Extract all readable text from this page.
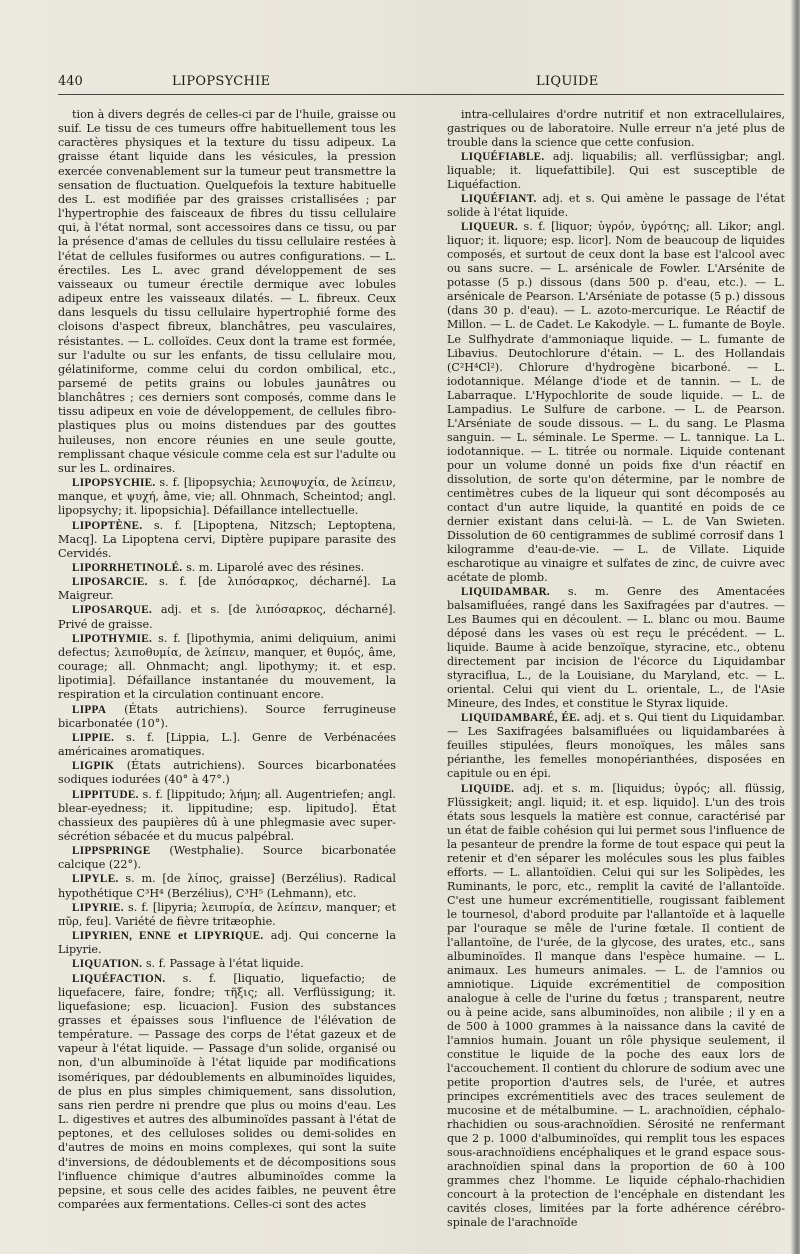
440	LIPOPSYCHIE	LIQUIDE

tion à divers degrés de celles-ci par de l'huile, graisse ou suif. Le tissu de ces tumeurs offre habituellement tous les caractères physiques et la texture du tissu adipeux. La graisse étant liquide dans les vésicules, la pression exercée convenablement sur la tumeur peut transmettre la sensation de fluctuation. Quelquefois la texture habituelle des L. est modifiée par des graisses cristallisées ; par l'hypertrophie des faisceaux de fibres du tissu cellulaire qui, à l'état normal, sont accessoires dans ce tissu, ou par la présence d'amas de cellules du tissu cellulaire restées à l'état de cellules fusiformes ou autres configurations. — L. érectiles. Les L. avec grand développement de ses vaisseaux ou tumeur érectile dermique avec lobules adipeux entre les vaisseaux dilatés. — L. fibreux. Ceux dans lesquels du tissu cellulaire hypertrophié forme des cloisons d'aspect fibreux, blanchâtres, peu vasculaires, résistantes. — L. colloïdes. Ceux dont la trame est formée, sur l'adulte ou sur les enfants, de tissu cellulaire mou, gélatiniforme, comme celui du cordon ombilical, etc., parsemé de petits grains ou lobules jaunâtres ou blanchâtres ; ces derniers sont composés, comme dans le tissu adipeux en voie de développement, de cellules fibro-plastiques plus ou moins distendues par des gouttes huileuses, non encore réunies en une seule goutte, remplissant chaque vésicule comme cela est sur l'adulte ou sur les L. ordinaires.

LIPOPSYCHIE. s. f. [lipopsychia; λειποψυχία, de λείπειν, manque, et ψυχή, âme, vie; all. Ohnmach, Scheintod; angl. lipopsychy; it. lipopsichia]. Défaillance intellectuelle.

LIPOPTÈNE. s. f. [Lipoptena, Nitzsch; Leptoptena, Macq]. La Lipoptena cervi, Diptère pupipare parasite des Cervidés.

LIPORRHETINOLÉ. s. m. Liparolé avec des résines.

LIPOSARCIE. s. f. [de λιπόσαρκος, décharné]. La Maigreur.

LIPOSARQUE. adj. et s. [de λιπόσαρκος, décharné]. Privé de graisse.

LIPOTHYMIE. s. f. [lipothymia, animi deliquium, animi defectus; λειποθυμία, de λείπειν, manquer, et θυμός, âme, courage; all. Ohnmacht; angl. lipothymy; it. et esp. lipotimia]. Défaillance instantanée du mouvement, la respiration et la circulation continuant encore.

LIPPA (États autrichiens). Source ferrugineuse bicarbonatée (10°).

LIPPIE. s. f. [Lippia, L.]. Genre de Verbénacées américaines aromatiques.

LIGPIK (États autrichiens). Sources bicarbonatées sodiques iodurées (40° à 47°.)

LIPPITUDE. s. f. [lippitudo; λήμη; all. Augentriefen; angl. blear-eyedness; it. lippitudine; esp. lipitudo]. État chassieux des paupières dû à une phlegmasie avec super-sécrétion sébacée et du mucus palpébral.

LIPPSPRINGE (Westphalie). Source bicarbonatée calcique (22°).

LIPYLE. s. m. [de λίπος, graisse] (Berzélius). Radical hypothétique C³H⁴ (Berzélius), C³H⁵ (Lehmann), etc.

LIPYRIE. s. f. [lipyria; λειπυρία, de λείπειν, manquer; et πῦρ, feu]. Variété de fièvre tritæophie.

LIPYRIEN, ENNE et LIPYRIQUE. adj. Qui concerne la Lipyrie.

LIQUATION. s. f. Passage à l'état liquide.

LIQUÉFACTION. s. f. [liquatio, liquefactio; de liquefacere, faire, fondre; τῆξις; all. Verflüssigung; it. liquefasione; esp. licuacion]. Fusion des substances grasses et épaisses sous l'influence de l'élévation de température. — Passage des corps de l'état gazeux et de vapeur à l'état liquide. — Passage d'un solide, organisé ou non, d'un albuminoïde à l'état liquide par modifications isomériques, par dédoublements en albuminoïdes liquides, de plus en plus simples chimiquement, sans dissolution, sans rien perdre ni prendre que plus ou moins d'eau. Les L. digestives et autres des albuminoïdes passant à l'état de peptones, et des celluloses solides ou demi-solides en d'autres de moins en moins complexes, qui sont la suite d'inversions, de dédoublements et de décompositions sous l'influence chimique d'autres albuminoïdes comme la pepsine, et sous celle des acides faibles, ne peuvent être comparées aux fermentations. Celles-ci sont des actes

intra-cellulaires d'ordre nutritif et non extracellulaires, gastriques ou de laboratoire. Nulle erreur n'a jeté plus de trouble dans la science que cette confusion.

LIQUÉFIABLE. adj. liquabilis; all. verflüssigbar; angl. liquable; it. liquefattibile]. Qui est susceptible de Liquéfaction.

LIQUÉFIANT. adj. et s. Qui amène le passage de l'état solide à l'état liquide.

LIQUEUR. s. f. [liquor; ὑγρόν, ὑγρότης; all. Likor; angl. liquor; it. liquore; esp. licor]. Nom de beaucoup de liquides composés, et surtout de ceux dont la base est l'alcool avec ou sans sucre. — L. arsénicale de Fowler. L'Arsénite de potasse (5 p.) dissous (dans 500 p. d'eau, etc.). — L. arsénicale de Pearson. L'Arséniate de potasse (5 p.) dissous (dans 30 p. d'eau). — L. azoto-mercurique. Le Réactif de Millon. — L. de Cadet. Le Kakodyle. — L. fumante de Boyle. Le Sulfhydrate d'ammoniaque liquide. — L. fumante de Libavius. Deutochlorure d'étain. — L. des Hollandais (C²H⁴Cl²). Chlorure d'hydrogène bicarboné. — L. iodotannique. Mélange d'iode et de tannin. — L. de Labarraque. L'Hypochlorite de soude liquide. — L. de Lampadius. Le Sulfure de carbone. — L. de Pearson. L'Arséniate de soude dissous. — L. du sang. Le Plasma sanguin. — L. séminale. Le Sperme. — L. tannique. La L. iodotannique. — L. titrée ou normale. Liquide contenant pour un volume donné un poids fixe d'un réactif en dissolution, de sorte qu'on détermine, par le nombre de centimètres cubes de la liqueur qui sont décomposés au contact d'un autre liquide, la quantité en poids de ce dernier existant dans celui-là. — L. de Van Swieten. Dissolution de 60 centigrammes de sublimé corrosif dans 1 kilogramme d'eau-de-vie. — L. de Villate. Liquide escharotique au vinaigre et sulfates de zinc, de cuivre avec acétate de plomb.

LIQUIDAMBAR. s. m. Genre des Amentacées balsamifluées, rangé dans les Saxifragées par d'autres. — Les Baumes qui en découlent. — L. blanc ou mou. Baume déposé dans les vases où est reçu le précédent. — L. liquide. Baume à acide benzoïque, styracine, etc., obtenu directement par incision de l'écorce du Liquidambar styraciflua, L., de la Louisiane, du Maryland, etc. — L. oriental. Celui qui vient du L. orientale, L., de l'Asie Mineure, des Indes, et constitue le Styrax liquide.

LIQUIDAMBARÉ, ÉE. adj. et s. Qui tient du Liquidambar. — Les Saxifragées balsamifluées ou liquidambarées à feuilles stipulées, fleurs monoïques, les mâles sans périanthe, les femelles monopérianthées, disposées en capitule ou en épi.

LIQUIDE. adj. et s. m. [liquidus; ὑγρός; all. flüssig, Flüssigkeit; angl. liquid; it. et esp. liquido]. L'un des trois états sous lesquels la matière est connue, caractérisé par un état de faible cohésion qui lui permet sous l'influence de la pesanteur de prendre la forme de tout espace qui peut la retenir et d'en séparer les molécules sous les plus faibles efforts. — L. allantoïdien. Celui qui sur les Solipèdes, les Ruminants, le porc, etc., remplit la cavité de l'allantoïde. C'est une humeur excrémentitielle, rougissant faiblement le tournesol, d'abord produite par l'allantoïde et à laquelle par l'ouraque se mêle de l'urine fœtale. Il contient de l'allantoïne, de l'urée, de la glycose, des urates, etc., sans albuminoïdes. Il manque dans l'espèce humaine. — L. animaux. Les humeurs animales. — L. de l'amnios ou amniotique. Liquide excrémentitiel de composition analogue à celle de l'urine du fœtus ; transparent, neutre ou à peine acide, sans albuminoïdes, non alibile ; il y en a de 500 à 1000 grammes à la naissance dans la cavité de l'amnios humain. Jouant un rôle physique seulement, il constitue le liquide de la poche des eaux lors de l'accouchement. Il contient du chlorure de sodium avec une petite proportion d'autres sels, de l'urée, et autres principes excrémentitiels avec des traces seulement de mucosine et de métalbumine. — L. arachnoïdien, céphalo-rhachidien ou sous-arachnoïdien. Sérosité ne renfermant que 2 p. 1000 d'albuminoïdes, qui remplit tous les espaces sous-arachnoïdiens encéphaliques et le grand espace sous-arachnoïdien spinal dans la proportion de 60 à 100 grammes chez l'homme. Le liquide céphalo-rhachidien concourt à la protection de l'encéphale en distendant les cavités closes, limitées par la forte adhérence cérébro-spinale de l'arachnoïde
